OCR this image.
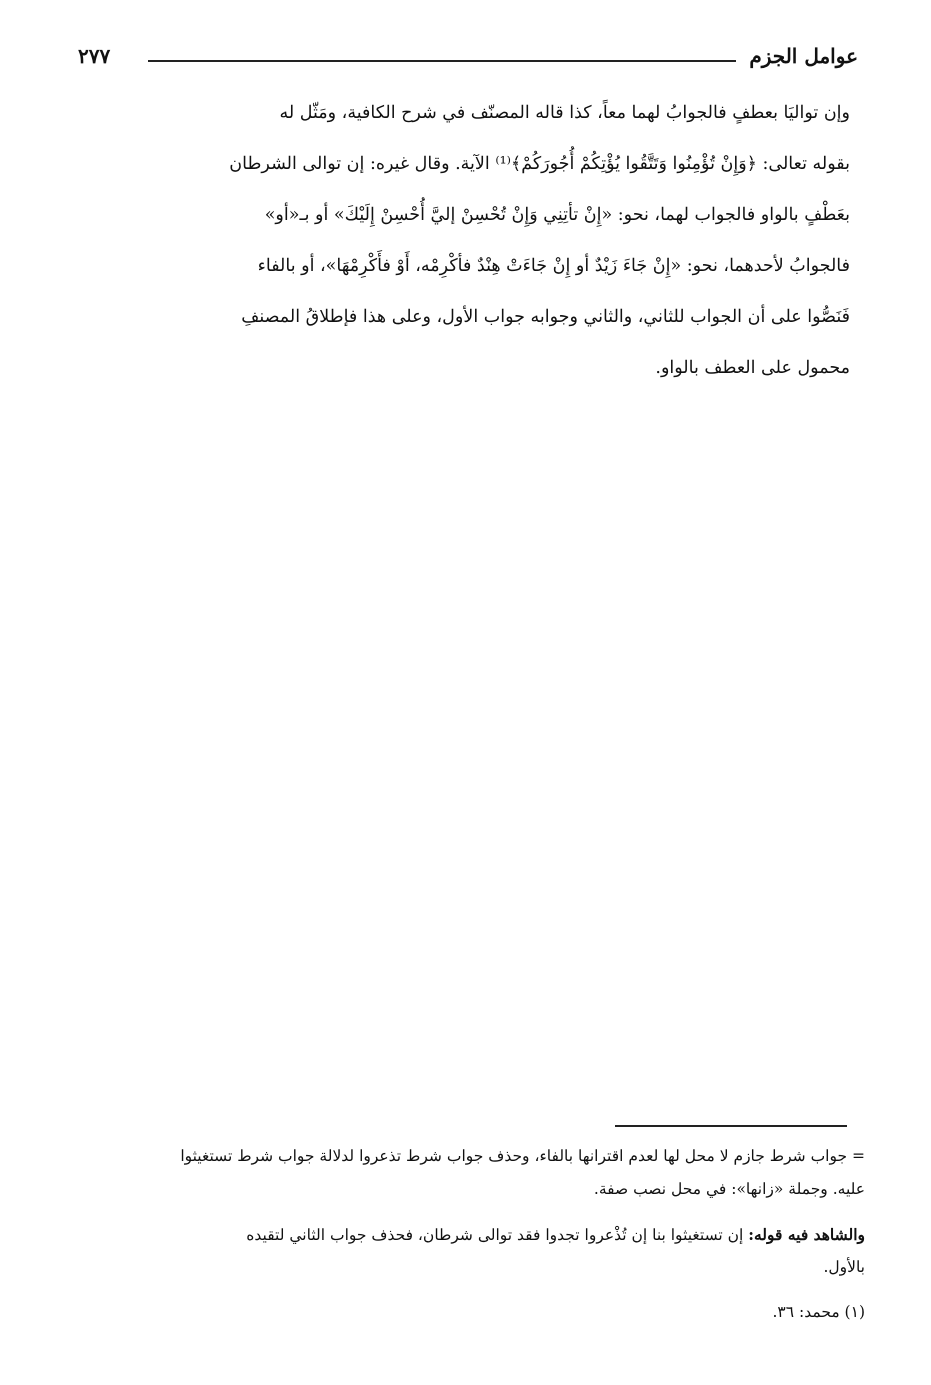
عوامل الجزم
٢٧٧
وإن تواليَا بعطفٍ فالجوابُ لهما معاً، كذا قاله المصنّف في شرح الكافية، ومَثّل له
بقوله تعالى: ﴿وَإِنْ تُؤْمِنُوا وَتَتَّقُوا يُؤْتِكُمْ أُجُورَكُمْ﴾⁽¹⁾ الآية. وقال غيره: إن توالى الشرطان
بعَطْفٍ بالواو فالجواب لهما، نحو: «إِنْ تأتِنِي وَإِنْ تُحْسِنْ إليَّ أُحْسِنْ إِلَيْكَ» أو بـ«أو»
فالجوابُ لأحدهما، نحو: «إِنْ جَاءَ زَيْدٌ أو إِنْ جَاءَتْ هِنْدٌ فأكْرِمْه، أَوْ فأَكْرِمْهَا»، أو بالفاء
فَنَصُّوا على أن الجواب للثاني، والثاني وجوابه جواب الأول، وعلى هذا فإطلاقُ المصنفِ
محمول على العطف بالواو.
= جواب شرط جازم لا محل لها لعدم اقترانها بالفاء، وحذف جواب شرط تذعروا لدلالة جواب شرط تستغيثوا
عليه. وجملة «زانها»: في محل نصب صفة.
والشاهد فيه قوله: إن تستغيثوا بنا إن تُذْعروا تجدوا فقد توالى شرطان، فحذف جواب الثاني لتقيده
بالأول.
(١) محمد: ٣٦.
